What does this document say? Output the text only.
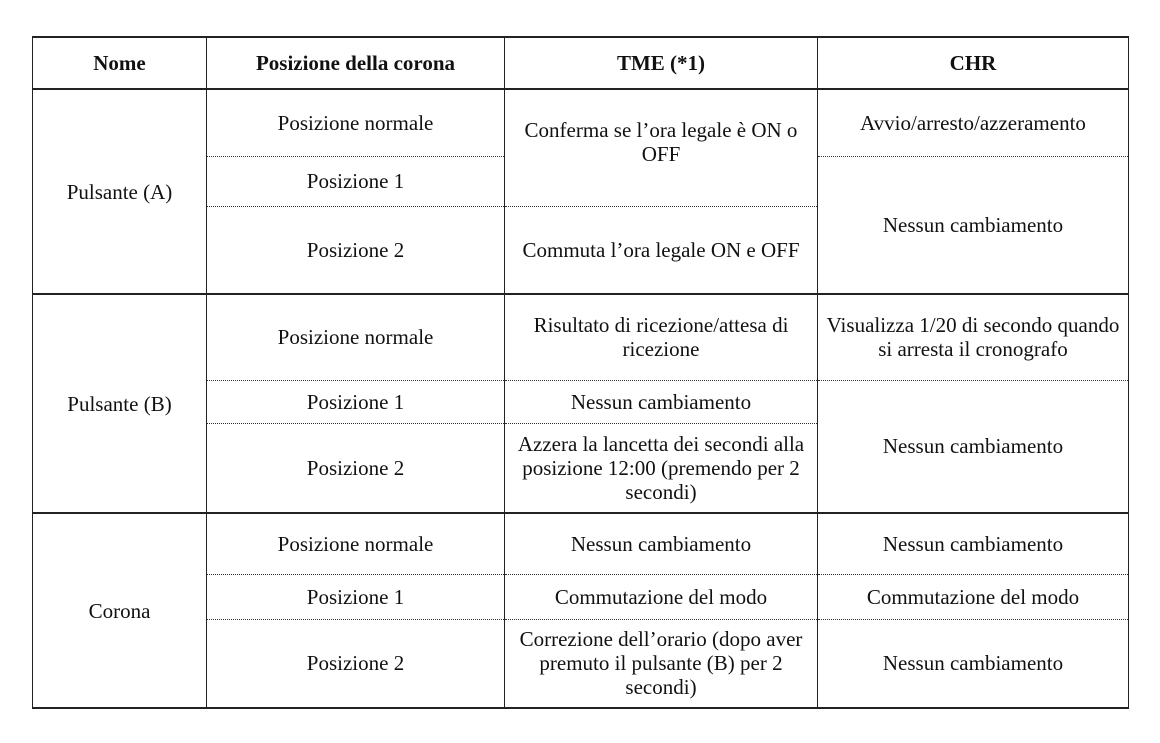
Nome	Posizione della corona	TME (*1)	CHR
Pulsante (A)	Posizione normale	Conferma se l’ora legale è ON o OFF	Avvio/arresto/azzeramento
	Posizione 1		Nessun cambiamento
	Posizione 2	Commuta l’ora legale ON e OFF	
Pulsante (B)	Posizione normale	Risultato di ricezione/attesa di ricezione	Visualizza 1/20 di secondo quando si arresta il cronografo
	Posizione 1	Nessun cambiamento	Nessun cambiamento
	Posizione 2	Azzera la lancetta dei secondi alla posizione 12:00 (premendo per 2 secondi)	
Corona	Posizione normale	Nessun cambiamento	Nessun cambiamento
	Posizione 1	Commutazione del modo	Commutazione del modo
	Posizione 2	Correzione dell’orario (dopo aver premuto il pulsante (B) per 2 secondi)	Nessun cambiamento
